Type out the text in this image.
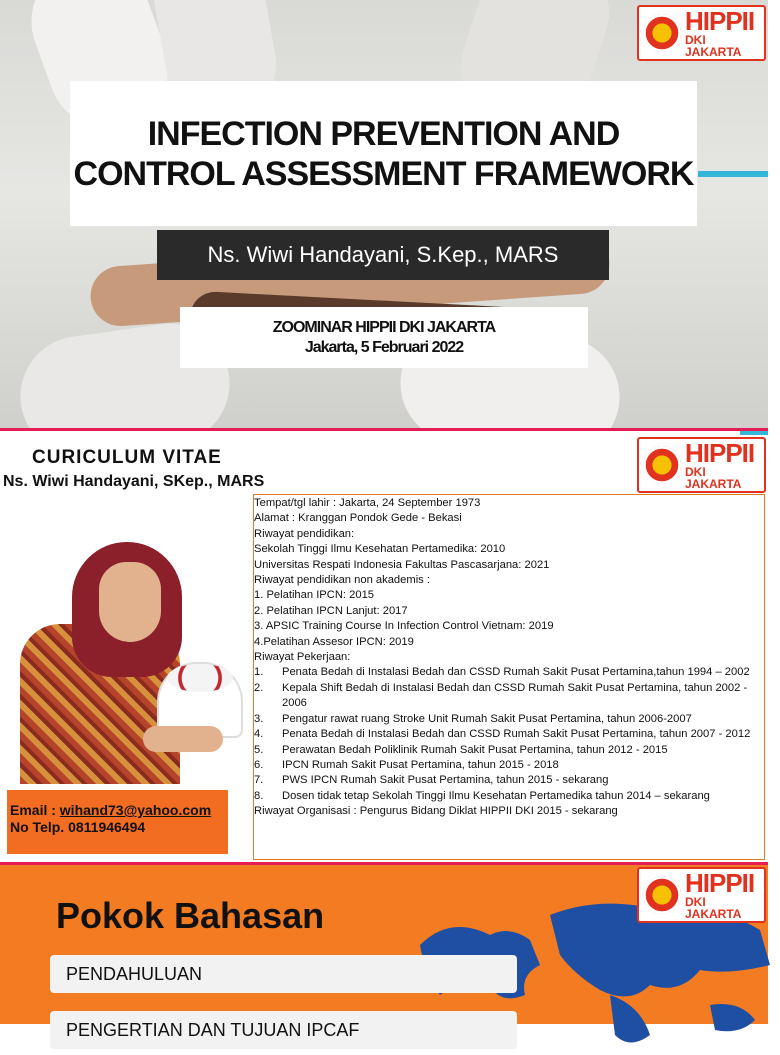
HIPPII
DKI JAKARTA
INFECTION PREVENTION AND CONTROL ASSESSMENT FRAMEWORK
Ns. Wiwi Handayani, S.Kep., MARS
ZOOMINAR HIPPII DKI JAKARTA
Jakarta, 5 Februari 2022
CURICULUM VITAE
Ns. Wiwi Handayani, SKep., MARS
HIPPII
DKI JAKARTA
Tempat/tgl lahir : Jakarta, 24 September 1973
Alamat : Kranggan Pondok Gede - Bekasi
Riwayat pendidikan:
Sekolah Tinggi Ilmu Kesehatan Pertamedika: 2010
Universitas Respati Indonesia Fakultas Pascasarjana: 2021
Riwayat pendidikan non akademis :
1. Pelatihan IPCN: 2015
2. Pelatihan IPCN Lanjut: 2017
3. APSIC Training Course In Infection Control Vietnam: 2019
4.Pelatihan Assesor IPCN: 2019
Riwayat Pekerjaan:
1.	Penata Bedah di Instalasi Bedah dan CSSD Rumah Sakit Pusat Pertamina,tahun 1994 – 2002
2.	Kepala Shift Bedah di Instalasi Bedah dan CSSD Rumah Sakit Pusat Pertamina, tahun 2002 - 2006
3.	Pengatur rawat ruang Stroke Unit Rumah Sakit Pusat Pertamina, tahun 2006-2007
4.	Penata Bedah di Instalasi Bedah dan CSSD Rumah Sakit Pusat Pertamina, tahun 2007 - 2012
5.	Perawatan Bedah Poliklinik Rumah Sakit Pusat Pertamina, tahun 2012 - 2015
6.	IPCN Rumah Sakit Pusat Pertamina, tahun 2015 - 2018
7.	PWS IPCN Rumah Sakit Pusat Pertamina, tahun 2015 - sekarang
8.	Dosen tidak tetap Sekolah Tinggi Ilmu Kesehatan Pertamedika tahun 2014 – sekarang
Riwayat Organisasi : Pengurus Bidang Diklat HIPPII DKI 2015 - sekarang
Email : wihand73@yahoo.com
No Telp. 0811946494
HIPPII
DKI JAKARTA
Pokok Bahasan
PENDAHULUAN
PENGERTIAN DAN TUJUAN IPCAF
